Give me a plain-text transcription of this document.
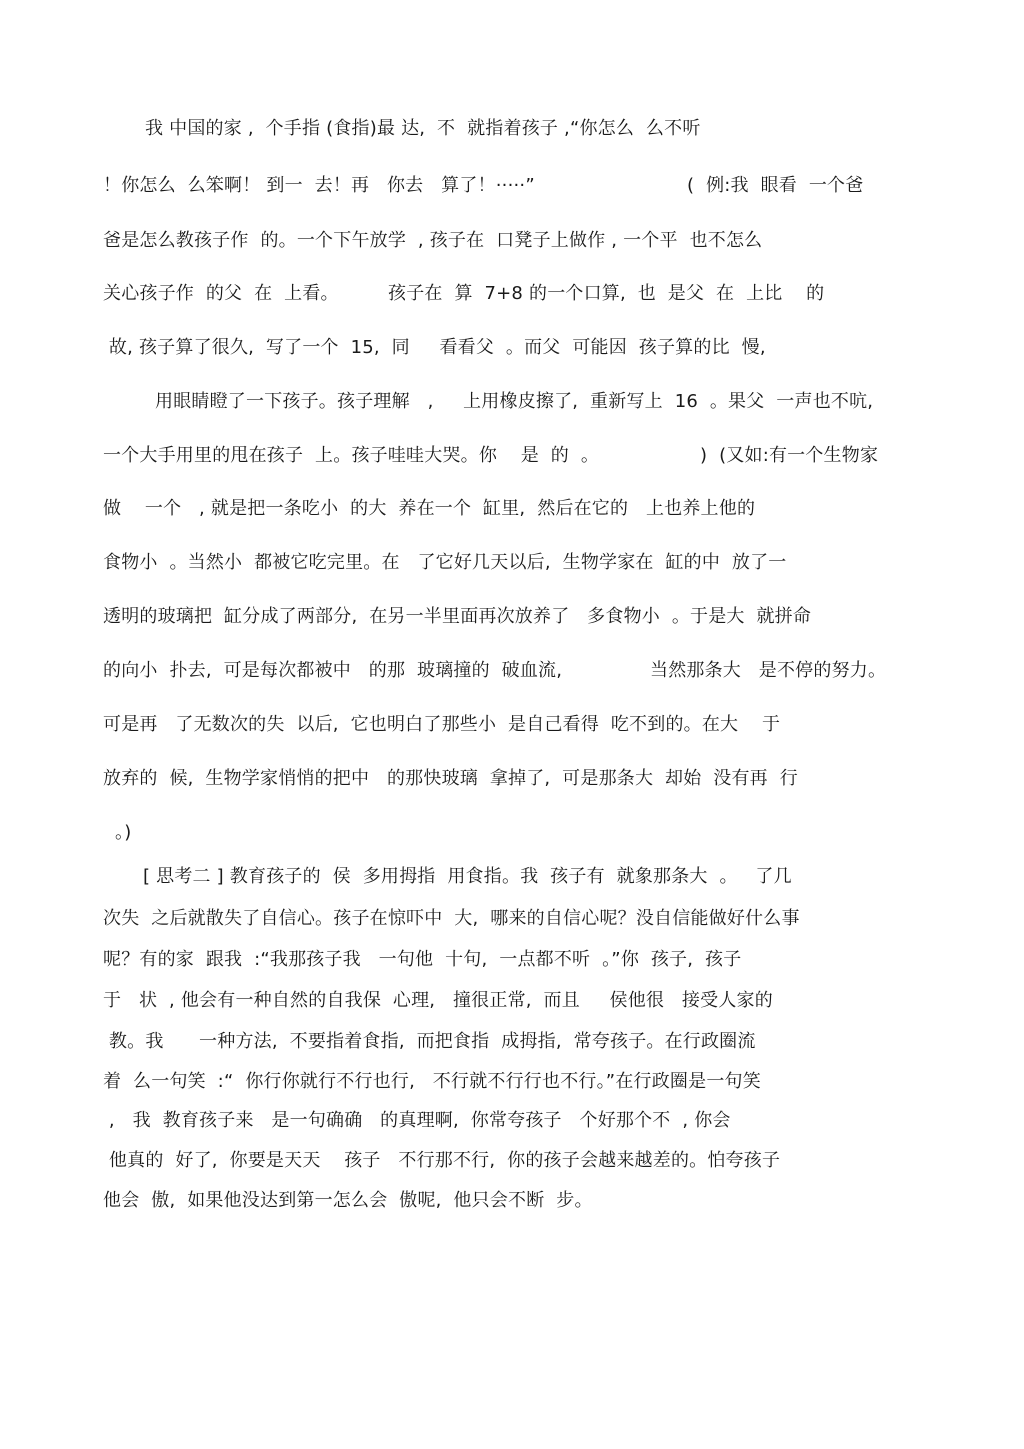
我 中国的家 ,  个手指 (食指)最 达,  不  就指着孩子 ,“你怎么  么不听
！你怎么  么笨啊！ 到一  去！再   你去   算了！·····”	(  例:我  眼看  一个爸
爸是怎么教孩子作  的。一个下午放学  , 孩子在  口凳子上做作 , 一个平  也不怎么
关心孩子作  的父  在  上看。	孩子在  算  7+8 的一个口算,  也  是父  在  上比    的
故, 孩子算了很久,  写了一个  15,  同     看看父  。而父  可能因  孩子算的比  慢,
用眼睛瞪了一下孩子。孩子理解   ,     上用橡皮擦了,  重新写上  16  。果父  一声也不吭,
一个大手用里的甩在孩子  上。孩子哇哇大哭。你    是  的  。	)  (又如:有一个生物家
做    一个   , 就是把一条吃小  的大  养在一个  缸里,  然后在它的   上也养上他的
食物小  。当然小  都被它吃完里。在   了它好几天以后,  生物学家在  缸的中  放了一
透明的玻璃把  缸分成了两部分,  在另一半里面再次放养了   多食物小  。于是大  就拼命
的向小  扑去,  可是每次都被中   的那  玻璃撞的  破血流,	当然那条大   是不停的努力。
可是再   了无数次的失  以后,  它也明白了那些小  是自己看得  吃不到的。在大    于
放弃的  候,  生物学家悄悄的把中   的那快玻璃  拿掉了,  可是那条大  却始  没有再  行
。)
[ 思考二 ] 教育孩子的  侯  多用拇指  用食指。我  孩子有  就象那条大  。   了几
次失  之后就散失了自信心。孩子在惊吓中  大,  哪来的自信心呢？没自信能做好什么事
呢？有的家  跟我  :“我那孩子我   一句他  十句,  一点都不听  。”你  孩子,  孩子
于   状  , 他会有一种自然的自我保  心理,   撞很正常,  而且     侯他很   接受人家的
教。我      一种方法,  不要指着食指,  而把食指  成拇指,  常夸孩子。在行政圈流
着  么一句笑  :“  你行你就行不行也行,   不行就不行行也不行。”在行政圈是一句笑
,   我  教育孩子来   是一句确确   的真理啊,  你常夸孩子   个好那个不  , 你会
他真的  好了,  你要是天天    孩子   不行那不行,  你的孩子会越来越差的。怕夸孩子
他会  傲,  如果他没达到第一怎么会  傲呢,  他只会不断  步。
